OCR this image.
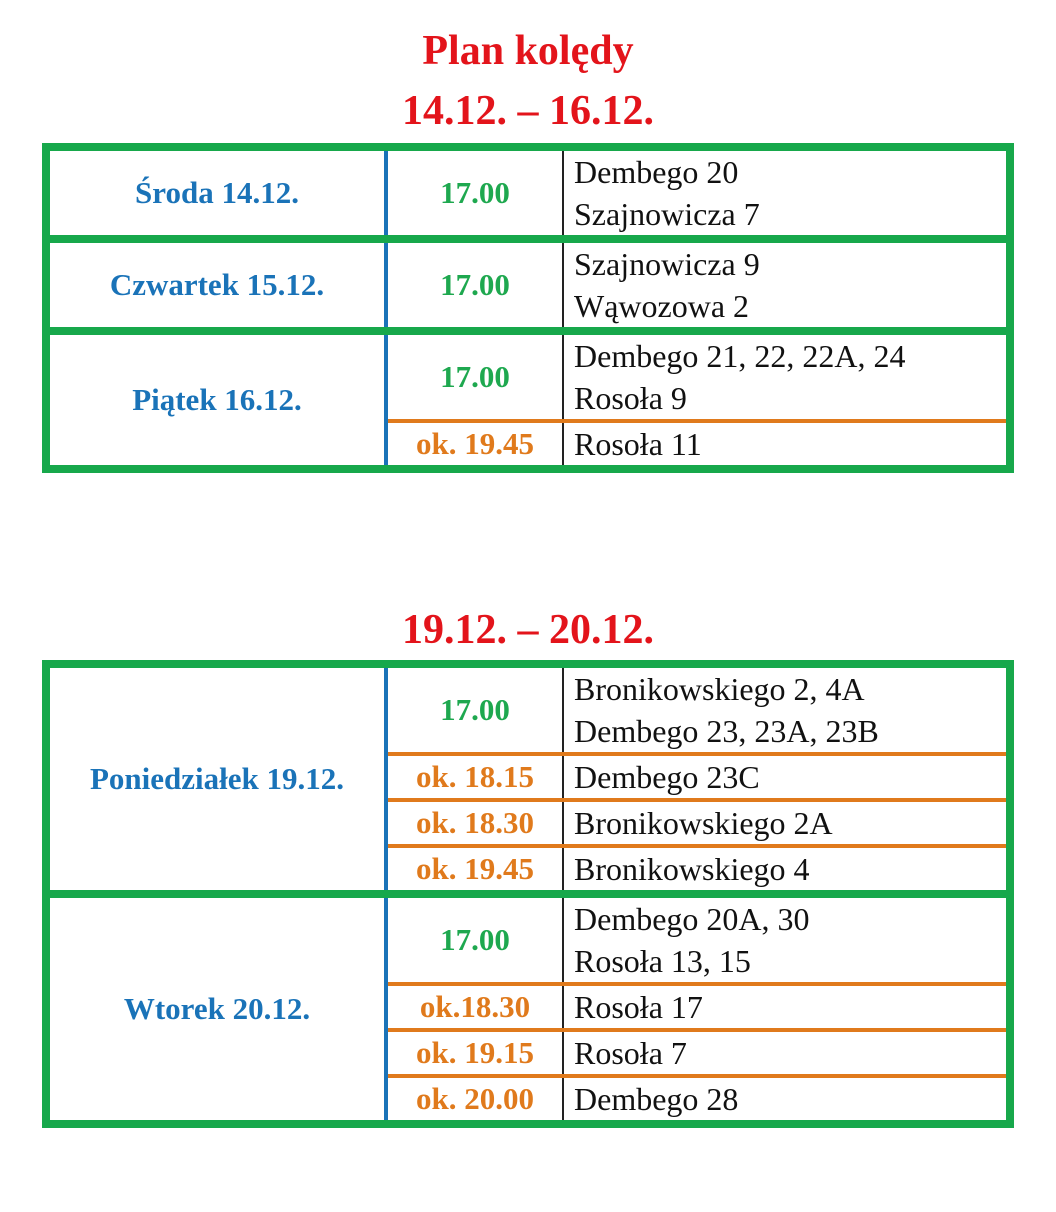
Plan kolędy
14.12. – 16.12.
Środa 14.12.	17.00	Dembego 20
Szajnowicza 7

Czwartek 15.12.	17.00	Szajnowicza 9
Wąwozowa 2

Piątek 16.12.	17.00	Dembego 21, 22, 22A, 24
Rosoła 9

	ok. 19.45	Rosoła 11
19.12. – 20.12.
Poniedziałek 19.12.	17.00	Bronikowskiego 2, 4A
Dembego 23, 23A, 23B

	ok. 18.15	Dembego 23C

	ok. 18.30	Bronikowskiego 2A

	ok. 19.45	Bronikowskiego 4

Wtorek 20.12.	17.00	Dembego 20A, 30
Rosoła 13, 15

	ok.18.30	Rosoła 17

	ok. 19.15	Rosoła 7

	ok. 20.00	Dembego 28
